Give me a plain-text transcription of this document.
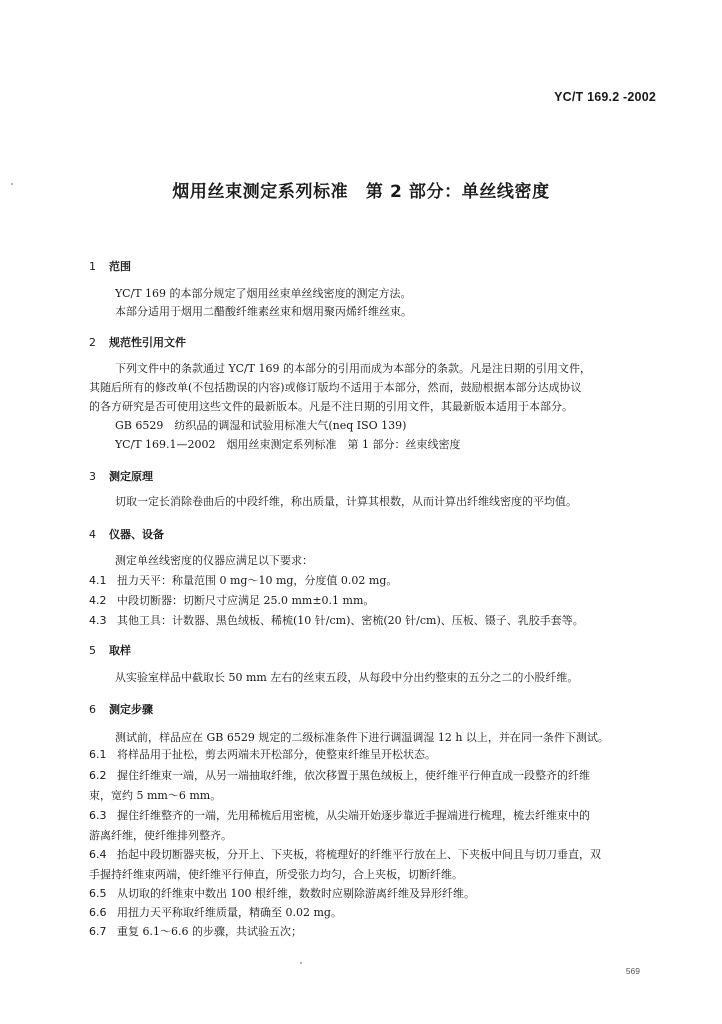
YC/T 169.2 -2002
烟用丝束测定系列标准　第 2 部分：单丝线密度
1 范围
YC/T 169 的本部分规定了烟用丝束单丝线密度的测定方法。
本部分适用于烟用二醋酸纤维素丝束和烟用聚丙烯纤维丝束。
2 规范性引用文件
下列文件中的条款通过 YC/T 169 的本部分的引用而成为本部分的条款。凡是注日期的引用文件，
其随后所有的修改单(不包括勘误的内容)或修订版均不适用于本部分，然而，鼓励根据本部分达成协议
的各方研究是否可使用这些文件的最新版本。凡是不注日期的引用文件，其最新版本适用于本部分。
GB 6529　纺织品的调湿和试验用标准大气(neq ISO 139)
YC/T 169.1—2002　烟用丝束测定系列标准　第 1 部分：丝束线密度
3 测定原理
切取一定长消除卷曲后的中段纤维，称出质量，计算其根数，从而计算出纤维线密度的平均值。
4 仪器、设备
测定单丝线密度的仪器应满足以下要求：
4.1 扭力天平：称量范围 0 mg～10 mg，分度值 0.02 mg。
4.2 中段切断器：切断尺寸应满足 25.0 mm±0.1 mm。
4.3 其他工具：计数器、黑色绒板、稀梳(10 针/cm)、密梳(20 针/cm)、压板、镊子、乳胶手套等。
5 取样
从实验室样品中截取长 50 mm 左右的丝束五段，从每段中分出约整束的五分之二的小股纤维。
6 测定步骤
测试前，样品应在 GB 6529 规定的二级标准条件下进行调温调湿 12 h 以上，并在同一条件下测试。
6.1 将样品用于扯松，剪去两端未开松部分，使整束纤维呈开松状态。
6.2 握住纤维束一端，从另一端抽取纤维，依次移置于黑色绒板上，使纤维平行伸直成一段整齐的纤维
束，宽约 5 mm～6 mm。
6.3 握住纤维整齐的一端，先用稀梳后用密梳，从尖端开始逐步靠近手握端进行梳理，梳去纤维束中的
游离纤维，使纤维排列整齐。
6.4 抬起中段切断器夹板，分开上、下夹板，将梳理好的纤维平行放在上、下夹板中间且与切刀垂直，双
手握持纤维束两端，使纤维平行伸直，所受张力均匀，合上夹板，切断纤维。
6.5 从切取的纤维束中数出 100 根纤维，数数时应剔除游离纤维及异形纤维。
6.6 用扭力天平称取纤维质量，精确至 0.02 mg。
6.7 重复 6.1～6.6 的步骤，共试验五次；
569
